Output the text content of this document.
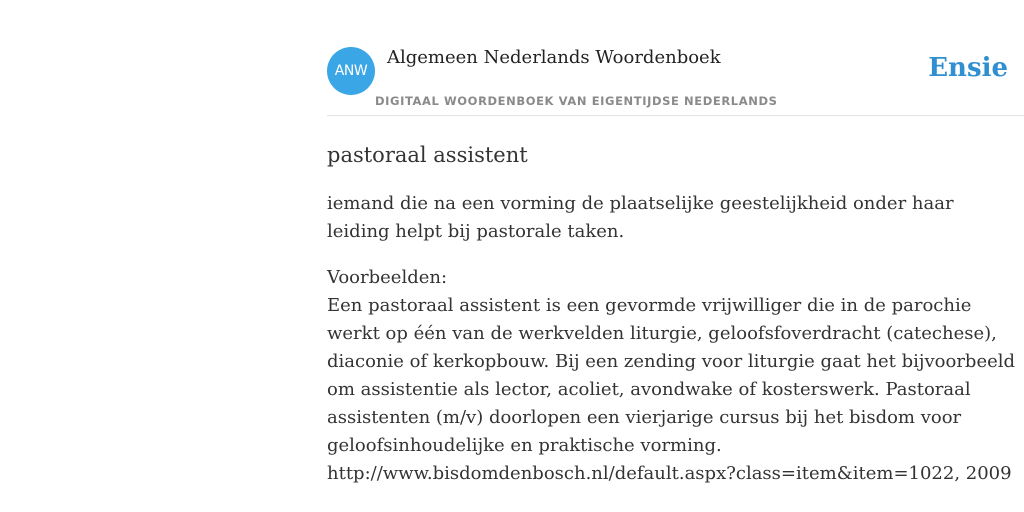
ANW
Algemeen Nederlands Woordenboek
DIGITAAL WOORDENBOEK VAN EIGENTIJDSE NEDERLANDS
Ensie
pastoraal assistent

iemand die na een vorming de plaatselijke geestelijkheid onder haar leiding helpt bij pastorale taken.

Voorbeelden:
Een pastoraal assistent is een gevormde vrijwilliger die in de parochie werkt op één van de werkvelden liturgie, geloofsfoverdracht (catechese), diaconie of kerkopbouw. Bij een zending voor liturgie gaat het bijvoorbeeld om assistentie als lector, acoliet, avondwake of kosterswerk. Pastoraal assistenten (m/v) doorlopen een vierjarige cursus bij het bisdom voor geloofsinhoudelijke en praktische vorming.
http://www.bisdomdenbosch.nl/default.aspx?class=item&item=1022, 2009
